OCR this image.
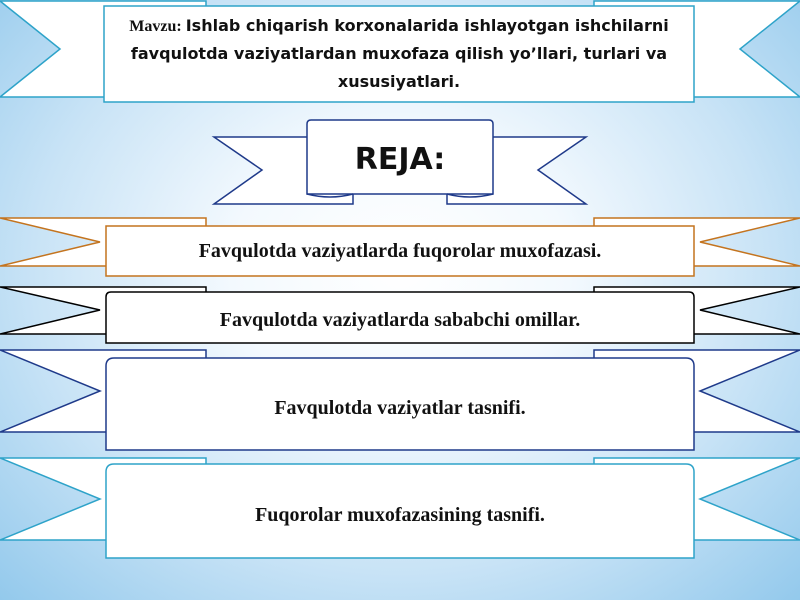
Mavzu: Ishlab chiqarish korxonalarida ishlayotgan ishchilarni favqulotda vaziyatlardan muxofaza qilish yo’llari, turlari va xususiyatlari.
REJA:
Favqulotda vaziyatlarda fuqorolar muxofazasi.
Favqulotda vaziyatlarda sababchi omillar.
Favqulotda vaziyatlar tasnifi.
Fuqorolar muxofazasining tasnifi.
